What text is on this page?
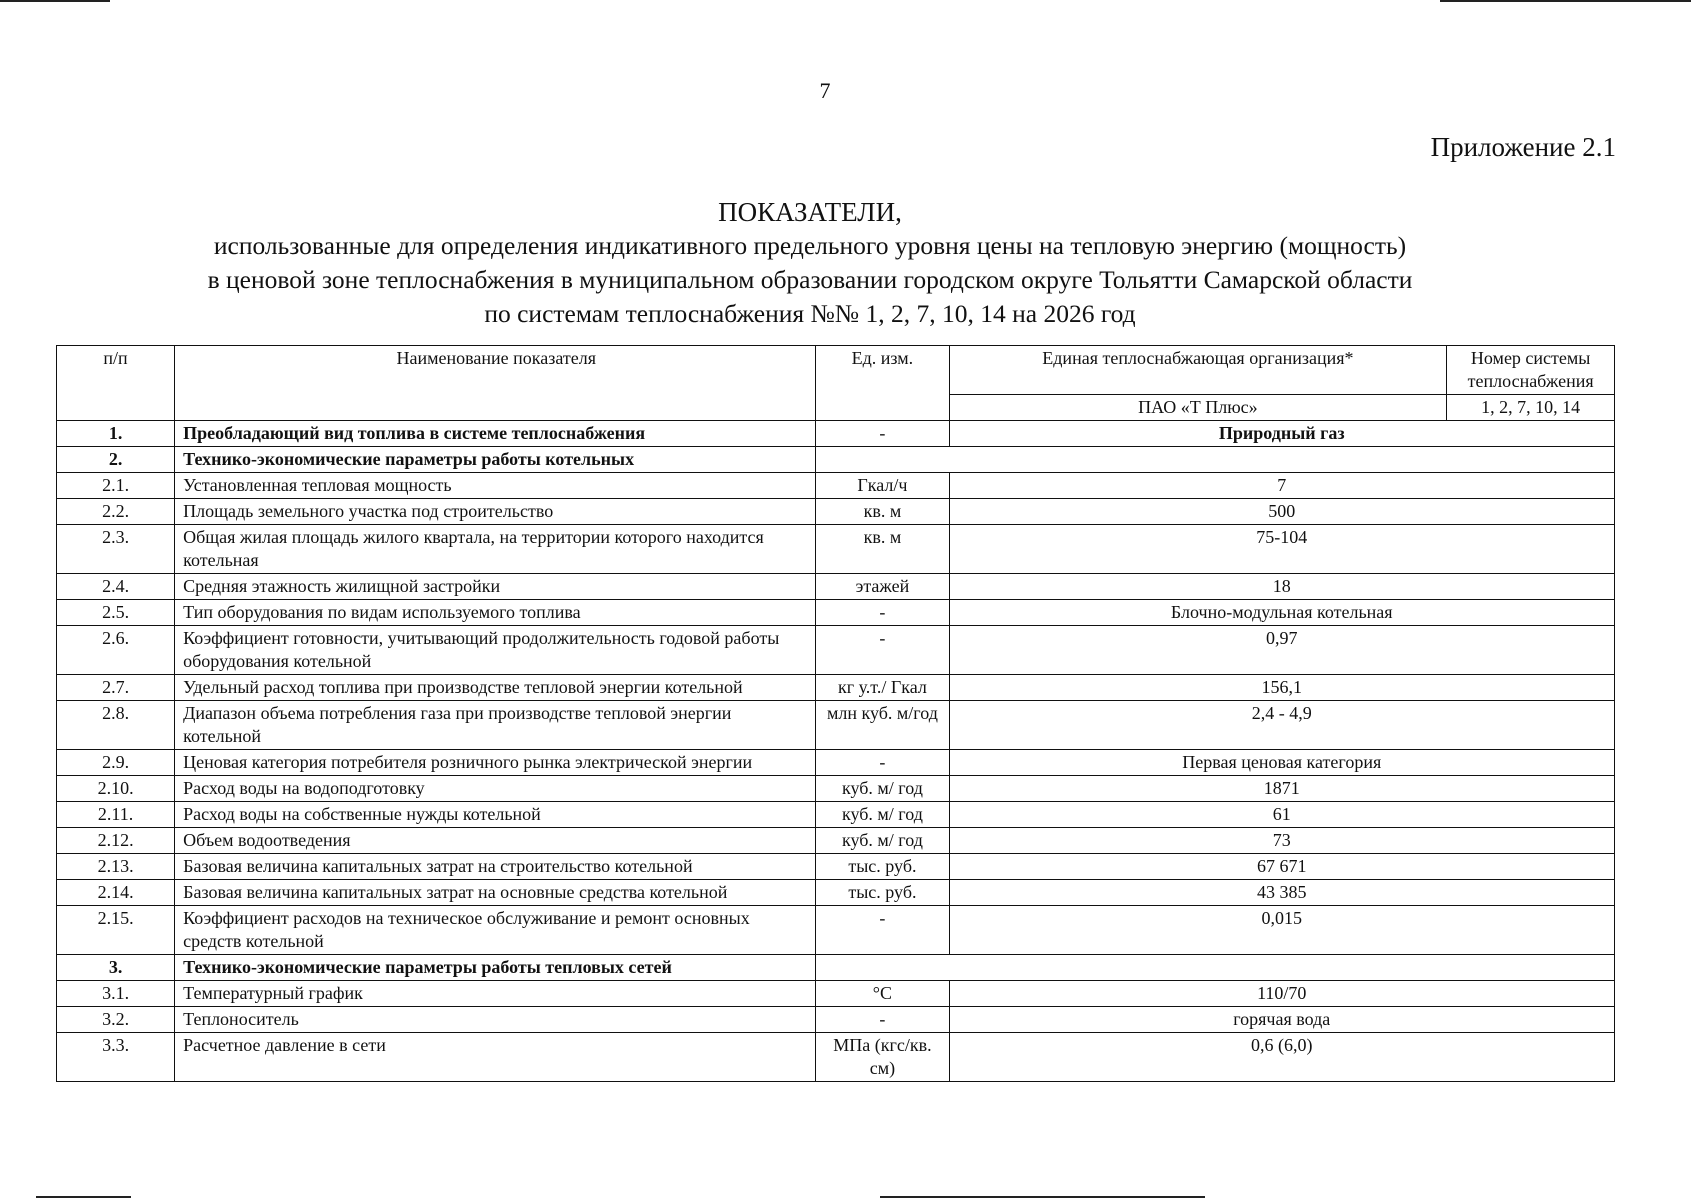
7
Приложение 2.1
ПОКАЗАТЕЛИ,
использованные для определения индикативного предельного уровня цены на тепловую энергию (мощность)
в ценовой зоне теплоснабжения в муниципальном образовании городском округе Тольятти Самарской области
по системам теплоснабжения №№ 1, 2, 7, 10, 14 на 2026 год
п/п	Наименование показателя	Ед. изм.	Единая теплоснабжающая организация*	Номер системы теплоснабжения
			ПАО «Т Плюс»	1, 2, 7, 10, 14
1.	Преобладающий вид топлива в системе теплоснабжения	-	Природный газ	
2.	Технико-экономические параметры работы котельных			
2.1.	Установленная тепловая мощность	Гкал/ч	7	
2.2.	Площадь земельного участка под строительство	кв. м	500	
2.3.	Общая жилая площадь жилого квартала, на территории которого находится котельная	кв. м	75-104	
2.4.	Средняя этажность жилищной застройки	этажей	18	
2.5.	Тип оборудования по видам используемого топлива	-	Блочно-модульная котельная	
2.6.	Коэффициент готовности, учитывающий продолжительность годовой работы оборудования котельной	-	0,97	
2.7.	Удельный расход топлива при производстве тепловой энергии котельной	кг у.т./ Гкал	156,1	
2.8.	Диапазон объема потребления газа при производстве тепловой энергии котельной	млн куб. м/год	2,4 - 4,9	
2.9.	Ценовая категория потребителя розничного рынка электрической энергии	-	Первая ценовая категория	
2.10.	Расход воды на водоподготовку	куб. м/ год	1871	
2.11.	Расход воды на собственные нужды котельной	куб. м/ год	61	
2.12.	Объем водоотведения	куб. м/ год	73	
2.13.	Базовая величина капитальных затрат на строительство котельной	тыс. руб.	67 671	
2.14.	Базовая величина капитальных затрат на основные средства котельной	тыс. руб.	43 385	
2.15.	Коэффициент расходов на техническое обслуживание и ремонт основных средств котельной	-	0,015	
3.	Технико-экономические параметры работы тепловых сетей			
3.1.	Температурный график	°С	110/70	
3.2.	Теплоноситель	-	горячая вода	
3.3.	Расчетное давление в сети	МПа (кгс/кв. см)	0,6 (6,0)	
